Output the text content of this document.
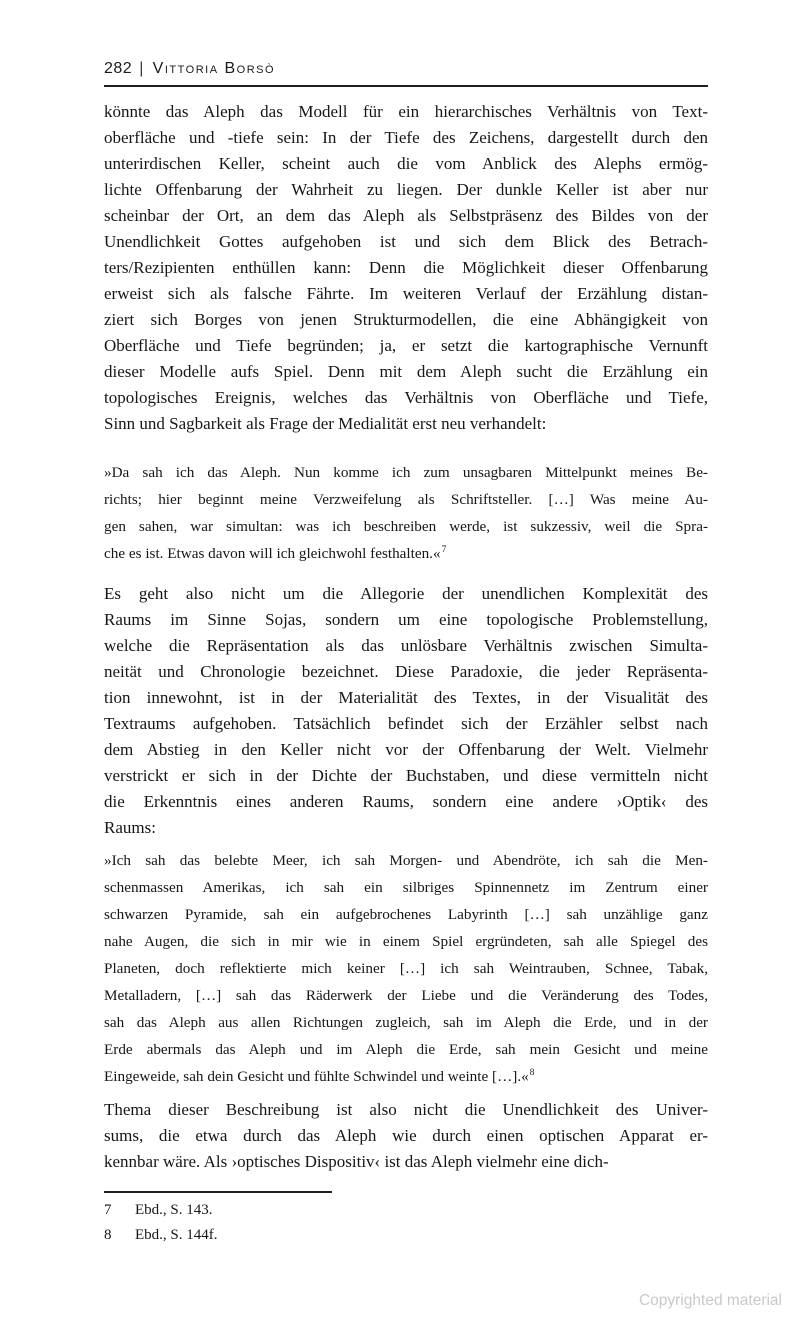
282 | Vittoria Borsò
könnte das Aleph das Modell für ein hierarchisches Verhältnis von Text-
oberfläche und -tiefe sein: In der Tiefe des Zeichens, dargestellt durch den
unterirdischen Keller, scheint auch die vom Anblick des Alephs ermög-
lichte Offenbarung der Wahrheit zu liegen. Der dunkle Keller ist aber nur
scheinbar der Ort, an dem das Aleph als Selbstpräsenz des Bildes von der
Unendlichkeit Gottes aufgehoben ist und sich dem Blick des Betrach-
ters/Rezipienten enthüllen kann: Denn die Möglichkeit dieser Offenbarung
erweist sich als falsche Fährte. Im weiteren Verlauf der Erzählung distan-
ziert sich Borges von jenen Strukturmodellen, die eine Abhängigkeit von
Oberfläche und Tiefe begründen; ja, er setzt die kartographische Vernunft
dieser Modelle aufs Spiel. Denn mit dem Aleph sucht die Erzählung ein
topologisches Ereignis, welches das Verhältnis von Oberfläche und Tiefe,
Sinn und Sagbarkeit als Frage der Medialität erst neu verhandelt:
»Da sah ich das Aleph. Nun komme ich zum unsagbaren Mittelpunkt meines Be-
richts; hier beginnt meine Verzweifelung als Schriftsteller. […] Was meine Au-
gen sahen, war simultan: was ich beschreiben werde, ist sukzessiv, weil die Spra-
che es ist. Etwas davon will ich gleichwohl festhalten.«$^7$
Es geht also nicht um die Allegorie der unendlichen Komplexität des
Raums im Sinne Sojas, sondern um eine topologische Problemstellung,
welche die Repräsentation als das unlösbare Verhältnis zwischen Simulta-
neität und Chronologie bezeichnet. Diese Paradoxie, die jeder Repräsenta-
tion innewohnt, ist in der Materialität des Textes, in der Visualität des
Textraums aufgehoben. Tatsächlich befindet sich der Erzähler selbst nach
dem Abstieg in den Keller nicht vor der Offenbarung der Welt. Vielmehr
verstrickt er sich in der Dichte der Buchstaben, und diese vermitteln nicht
die Erkenntnis eines anderen Raums, sondern eine andere ›Optik‹ des
Raums:
»Ich sah das belebte Meer, ich sah Morgen- und Abendröte, ich sah die Men-
schenmassen Amerikas, ich sah ein silbriges Spinnennetz im Zentrum einer
schwarzen Pyramide, sah ein aufgebrochenes Labyrinth […] sah unzählige ganz
nahe Augen, die sich in mir wie in einem Spiel ergründeten, sah alle Spiegel des
Planeten, doch reflektierte mich keiner […] ich sah Weintrauben, Schnee, Tabak,
Metalladern, […] sah das Räderwerk der Liebe und die Veränderung des Todes,
sah das Aleph aus allen Richtungen zugleich, sah im Aleph die Erde, und in der
Erde abermals das Aleph und im Aleph die Erde, sah mein Gesicht und meine
Eingeweide, sah dein Gesicht und fühlte Schwindel und weinte […].«$^8$
Thema dieser Beschreibung ist also nicht die Unendlichkeit des Univer-
sums, die etwa durch das Aleph wie durch einen optischen Apparat er-
kennbar wäre. Als ›optisches Dispositiv‹ ist das Aleph vielmehr eine dich-
7	Ebd., S. 143.
8	Ebd., S. 144f.
Copyrighted material
